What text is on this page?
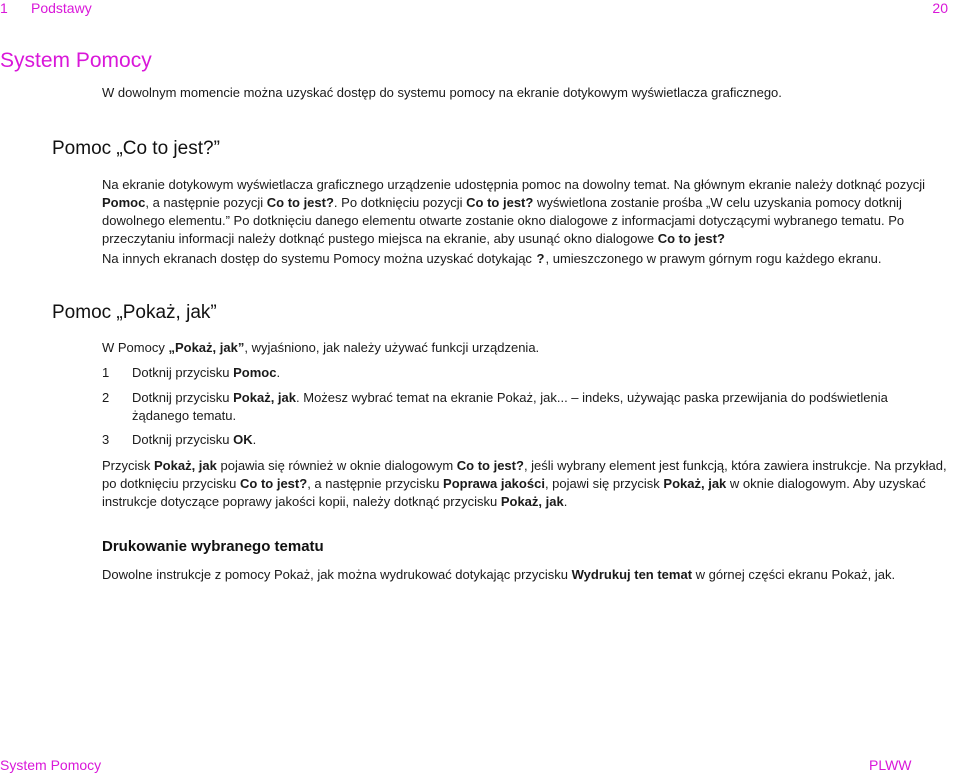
1 Podstawy	20
System Pomocy
W dowolnym momencie można uzyskać dostęp do systemu pomocy na ekranie dotykowym wyświetlacza graficznego.
Pomoc „Co to jest?”
Na ekranie dotykowym wyświetlacza graficznego urządzenie udostępnia pomoc na dowolny temat. Na głównym ekranie należy dotknąć pozycji Pomoc, a następnie pozycji Co to jest?. Po dotknięciu pozycji Co to jest? wyświetlona zostanie prośba „W celu uzyskania pomocy dotknij dowolnego elementu.” Po dotknięciu danego elementu otwarte zostanie okno dialogowe z informacjami dotyczącymi wybranego tematu. Po przeczytaniu informacji należy dotknąć pustego miejsca na ekranie, aby usunąć okno dialogowe Co to jest?
Na innych ekranach dostęp do systemu Pomocy można uzyskać dotykając ?, umieszczonego w prawym górnym rogu każdego ekranu.
Pomoc „Pokaż, jak”
W Pomocy „Pokaż, jak”, wyjaśniono, jak należy używać funkcji urządzenia.
1 Dotknij przycisku Pomoc.
2 Dotknij przycisku Pokaż, jak. Możesz wybrać temat na ekranie Pokaż, jak... – indeks, używając paska przewijania do podświetlenia żądanego tematu.
3 Dotknij przycisku OK.
Przycisk Pokaż, jak pojawia się również w oknie dialogowym Co to jest?, jeśli wybrany element jest funkcją, która zawiera instrukcje. Na przykład, po dotknięciu przycisku Co to jest?, a następnie przycisku Poprawa jakości, pojawi się przycisk Pokaż, jak w oknie dialogowym. Aby uzyskać instrukcje dotyczące poprawy jakości kopii, należy dotknąć przycisku Pokaż, jak.
Drukowanie wybranego tematu
Dowolne instrukcje z pomocy Pokaż, jak można wydrukować dotykając przycisku Wydrukuj ten temat w górnej części ekranu Pokaż, jak.
System Pomocy	PLWW
